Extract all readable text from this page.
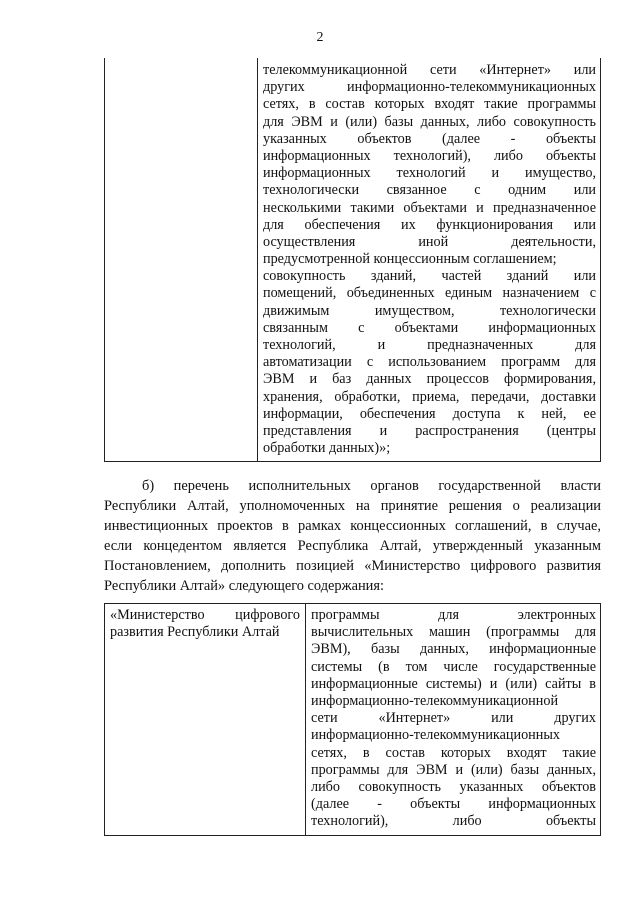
2
телекоммуникационной сети «Интернет» или
других информационно-телекоммуникационных
сетях, в состав которых входят такие программы
для ЭВМ и (или) базы данных, либо совокупность
указанных объектов (далее - объекты
информационных технологий), либо объекты
информационных технологий и имущество,
технологически связанное с одним или
несколькими такими объектами и предназначенное
для обеспечения их функционирования или
осуществления иной деятельности,
предусмотренной концессионным соглашением;
совокупность зданий, частей зданий или
помещений, объединенных единым назначением с
движимым имуществом, технологически
связанным с объектами информационных
технологий, и предназначенных для
автоматизации с использованием программ для
ЭВМ и баз данных процессов формирования,
хранения, обработки, приема, передачи, доставки
информации, обеспечения доступа к ней, ее
представления и распространения (центры
обработки данных)»;
б) перечень исполнительных органов государственной власти
Республики Алтай, уполномоченных на принятие решения о реализации
инвестиционных проектов в рамках концессионных соглашений, в случае,
если концедентом является Республика Алтай, утвержденный указанным
Постановлением, дополнить позицией «Министерство цифрового развития
Республики Алтай» следующего содержания:
«Министерство цифрового
развития Республики Алтай
программы для электронных
вычислительных машин (программы для
ЭВМ), базы данных, информационные
системы (в том числе государственные
информационные системы) и (или) сайты в
информационно-телекоммуникационной
сети «Интернет» или других
информационно-телекоммуникационных
сетях, в состав которых входят такие
программы для ЭВМ и (или) базы данных,
либо совокупность указанных объектов
(далее - объекты информационных
технологий), либо объекты
